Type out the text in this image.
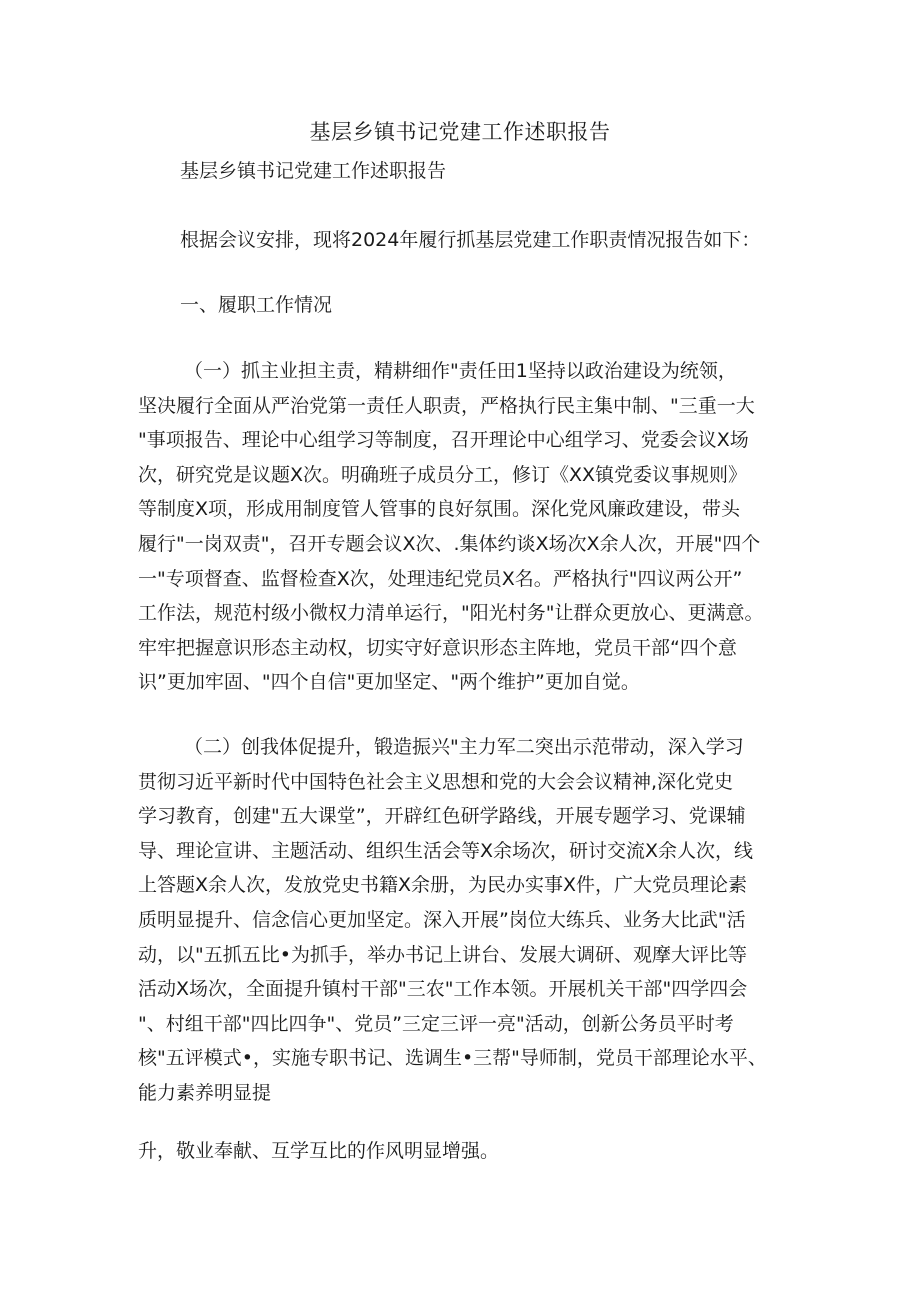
基层乡镇书记党建工作述职报告

基层乡镇书记党建工作述职报告

根据会议安排，现将2024年履行抓基层党建工作职责情况报告如下：

一、履职工作情况

（一）抓主业担主责，精耕细作"责任田1坚持以政治建设为统领，
坚决履行全面从严治党第一责任人职责，严格执行民主集中制、"三重一大
"事项报告、理论中心组学习等制度，召开理论中心组学习、党委会议X场
次，研究党是议题X次。明确班子成员分工，修订《XX镇党委议事规则》
等制度X项，形成用制度管人管事的良好氛围。深化党风廉政建设，带头
履行"一岗双责"，召开专题会议X次、.集体约谈X场次X余人次，开展"四个
一"专项督查、监督检查X次，处理违纪党员X名。严格执行"四议两公开”
工作法，规范村级小微权力清单运行，"阳光村务"让群众更放心、更满意。
牢牢把握意识形态主动权，切实守好意识形态主阵地，党员干部“四个意
识”更加牢固、"四个自信"更加坚定、"两个维护”更加自觉。

（二）创我体促提升，锻造振兴"主力军二突出示范带动，深入学习
贯彻习近平新时代中国特色社会主义思想和党的大会会议精神,深化党史
学习教育，创建"五大课堂”，开辟红色研学路线，开展专题学习、党课辅
导、理论宣讲、主题活动、组织生活会等X余场次，研讨交流X余人次，线
上答题X余人次，发放党史书籍X余册，为民办实事X件，广大党员理论素
质明显提升、信念信心更加坚定。深入开展”岗位大练兵、业务大比武"活
动，以"五抓五比•为抓手，举办书记上讲台、发展大调研、观摩大评比等
活动X场次，全面提升镇村干部"三农"工作本领。开展机关干部"四学四会
"、村组干部"四比四争"、党员”三定三评一亮"活动，创新公务员平时考
核"五评模式•，实施专职书记、选调生•三帮"导师制，党员干部理论水平、
能力素养明显提

升，敬业奉献、互学互比的作风明显增强。
